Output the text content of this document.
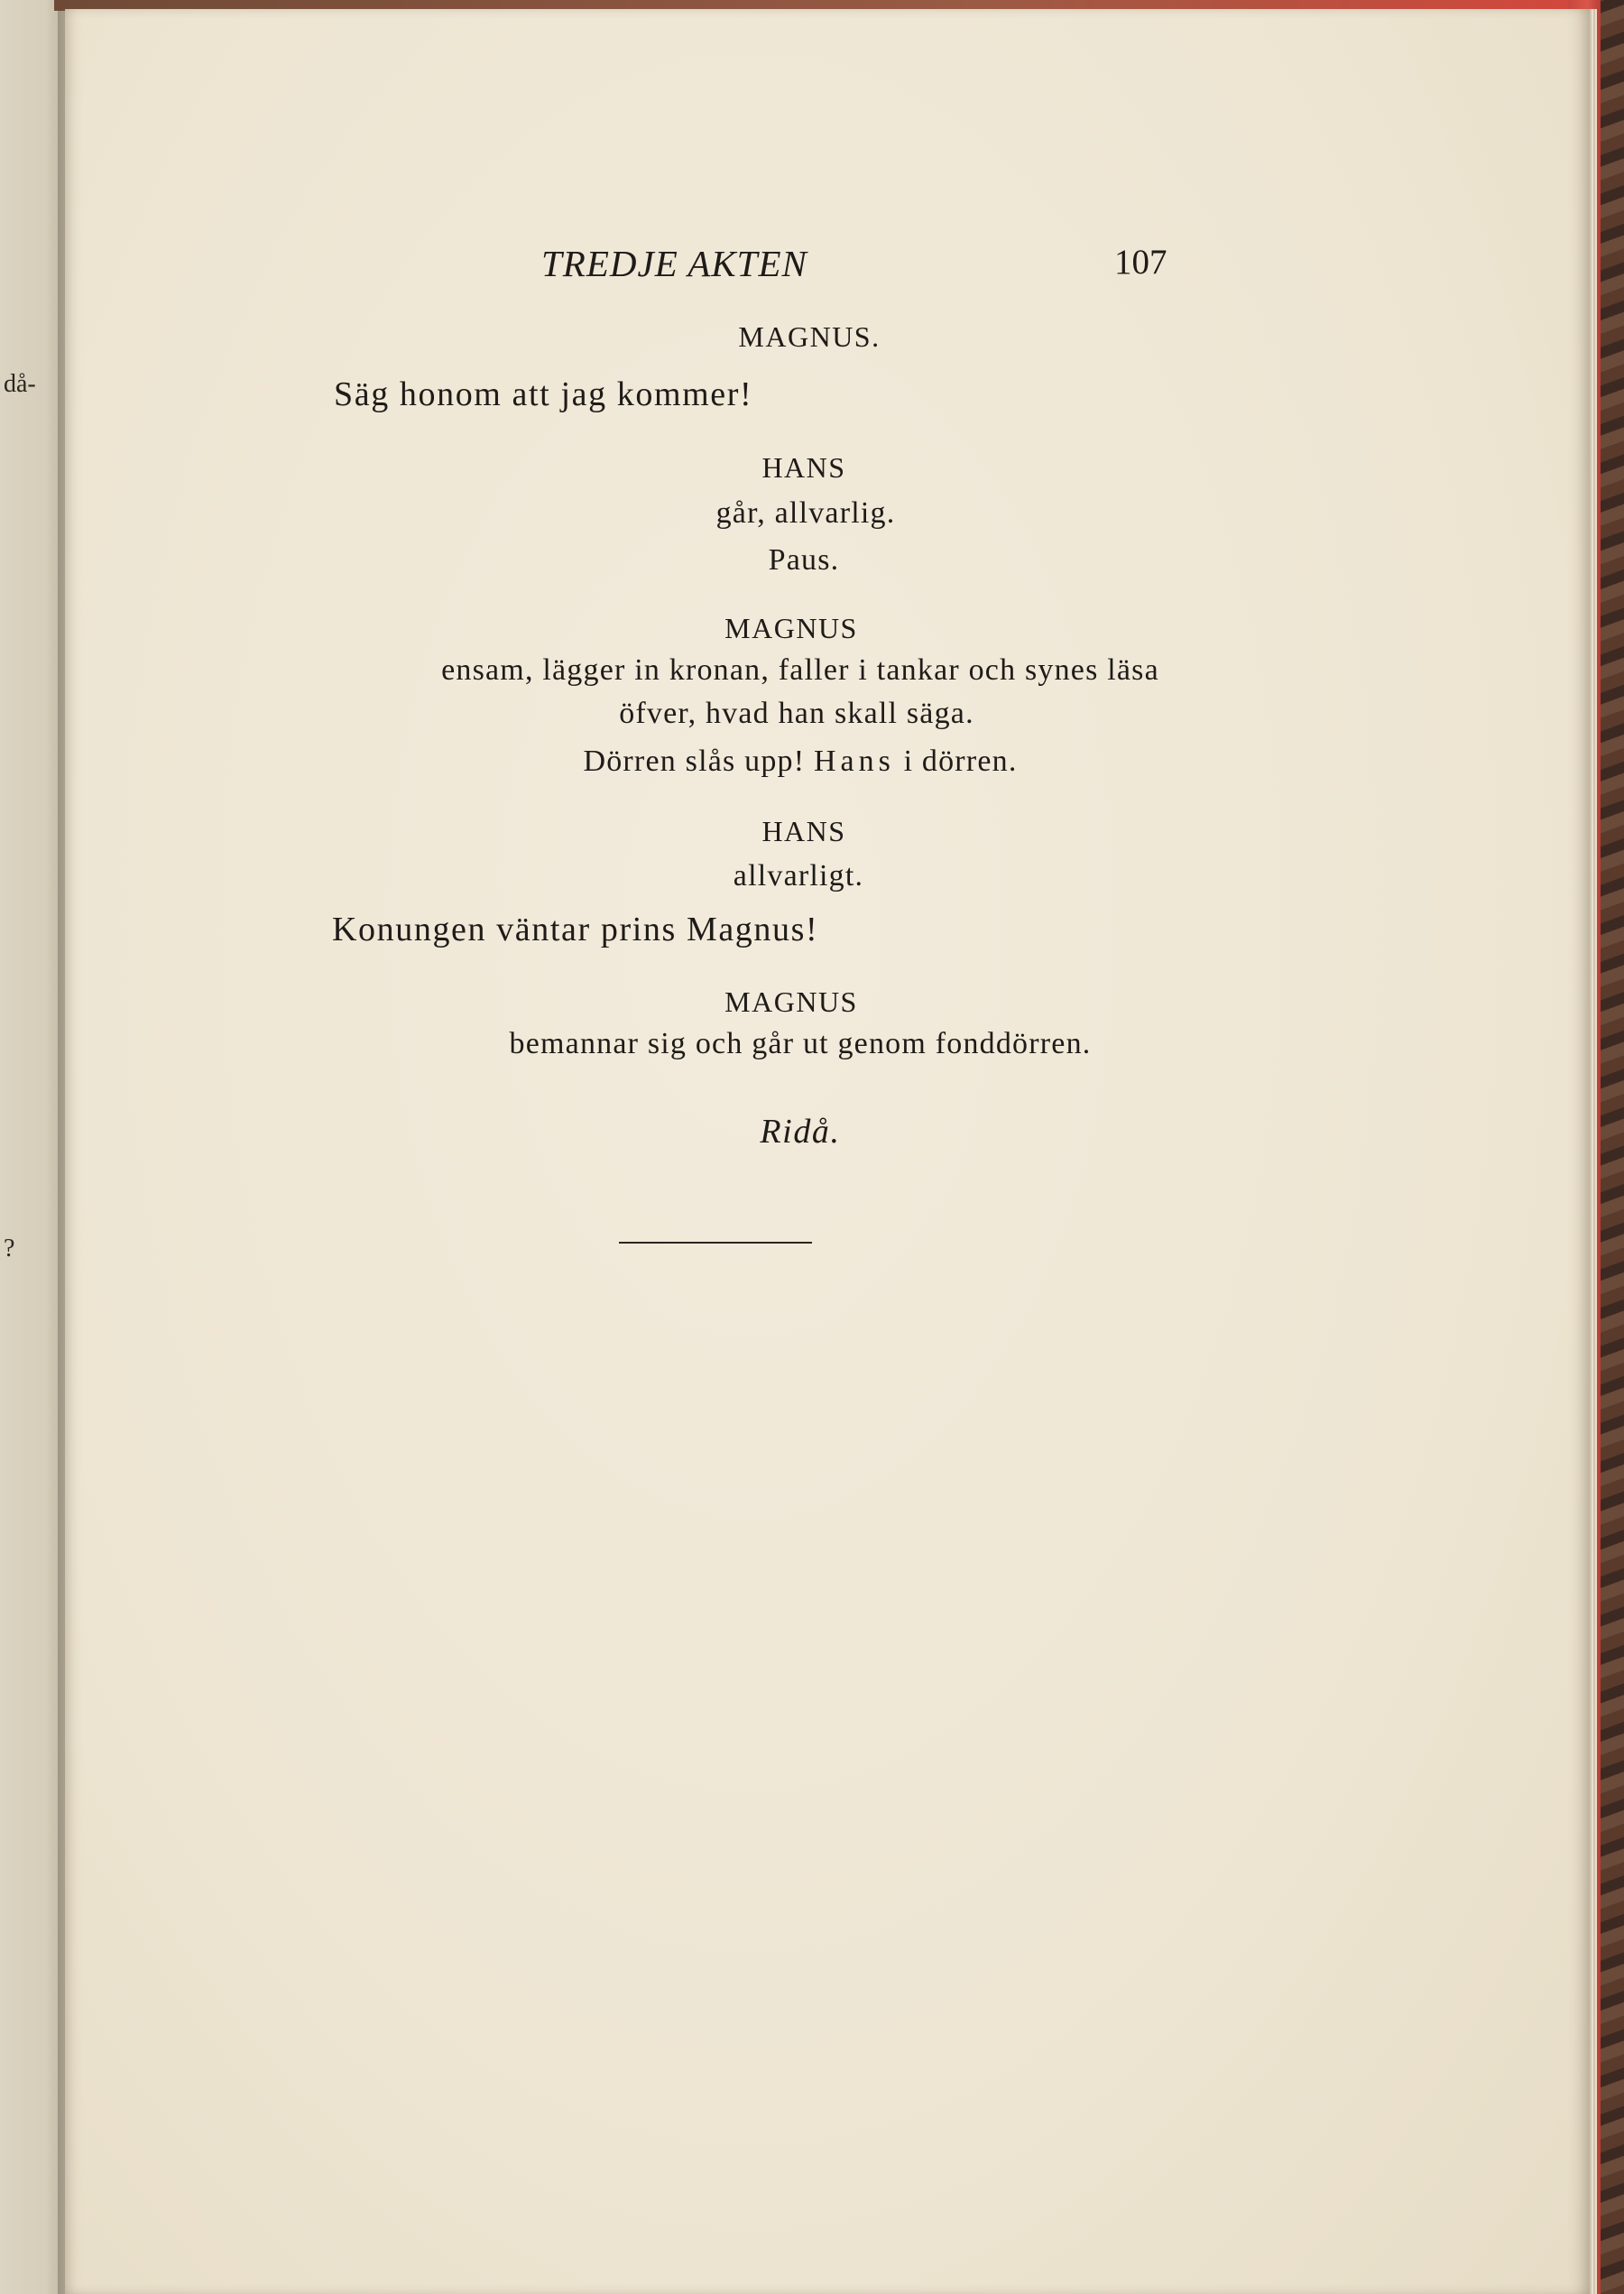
då-
?
TREDJE AKTEN	107
MAGNUS.
Säg honom att jag kommer!
HANS
går, allvarlig.
Paus.
MAGNUS
ensam, lägger in kronan, faller i tankar och synes läsa
öfver, hvad han skall säga.
Dörren slås upp! Hans i dörren.
HANS
allvarligt.
Konungen väntar prins Magnus!
MAGNUS
bemannar sig och går ut genom fonddörren.
Ridå.
